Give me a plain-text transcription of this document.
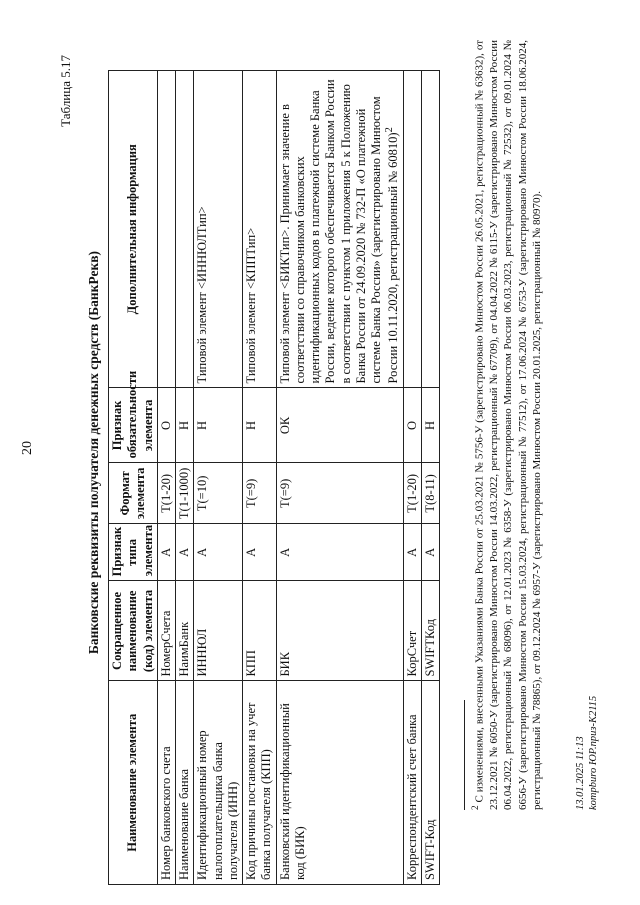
20
Таблица 5.17
Банковские реквизиты получателя денежных средств (БанкРекв)
Наименование элемента	Сокращенное наименование (код) элемента	Признак типа элемента	Формат элемента	Признак обязательности элемента	Дополнительная информация
Номер банковского счета	НомерСчета	А	Т(1-20)	О	
Наименование банка	НаимБанк	А	Т(1-1000)	Н	
Идентификационный номер налогоплательщика банка получателя (ИНН)	ИННЮЛ	А	Т(=10)	Н	Типовой элемент <ИННЮЛТип>
Код причины постановки на учет банка получателя (КПП)	КПП	А	Т(=9)	Н	Типовой элемент <КППТип>
Банковский идентификационный код (БИК)	БИК	А	Т(=9)	ОК	Типовой элемент <БИКТип>. Принимает значение в соответствии со справочником банковских идентификационных кодов в платежной системе Банка России, ведение которого обеспечивается Банком России в соответствии с пунктом 1 приложения 5 к Положению Банка России от 24.09.2020 № 732-П «О платежной системе Банка России» (зарегистрировано Минюстом России 10.11.2020, регистрационный № 60810)$^2$
Корреспондентский счет банка	КорСчет	А	Т(1-20)	О	
SWIFT-Код	SWIFTКод	А	Т(8-11)	Н	
$^2$ С изменениями, внесенными Указаниями Банка России от 25.03.2021 № 5756-У (зарегистрировано Минюстом России 26.05.2021, регистрационный № 63632), от 23.12.2021 № 6050-У (зарегистрировано Минюстом России 14.03.2022, регистрационный № 67709), от 04.04.2022 № 6115-У (зарегистрировано Минюстом России 06.04.2022, регистрационный № 68096), от 12.01.2023 № 6358-У (зарегистрировано Минюстом России 06.03.2023, регистрационный № 72532), от 09.01.2024 № 6656-У (зарегистрировано Минюстом России 15.03.2024, регистрационный № 77512), от 17.06.2024 № 6753-У (зарегистрировано Минюстом России 18.06.2024, регистрационный № 78865), от 09.12.2024 № 6957-У (зарегистрировано Минюстом России 20.01.2025, регистрационный № 80970).	13.01.2025 11:13 kompburo ЮР.приз-К2115
